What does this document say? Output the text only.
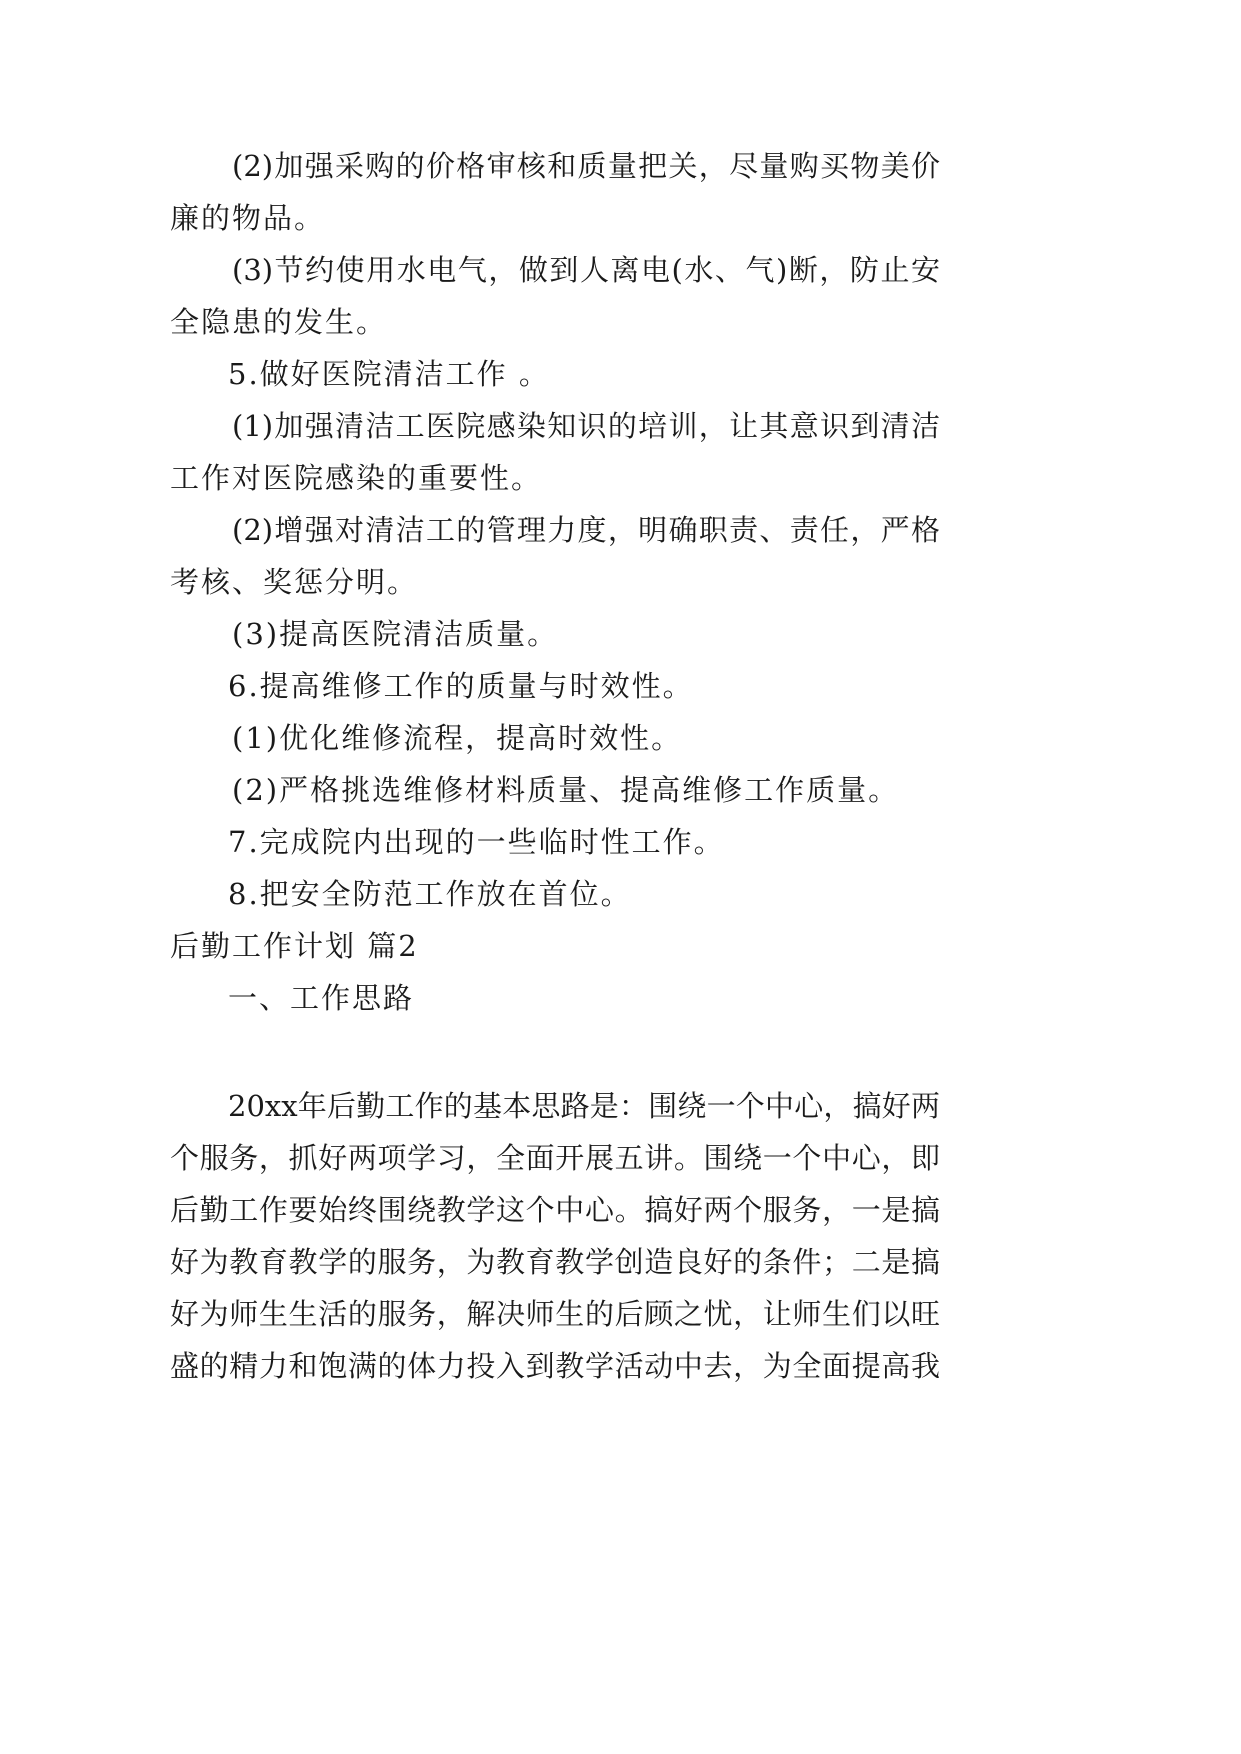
(2)加强采购的价格审核和质量把关，尽量购买物美价
廉的物品。
(3)节约使用水电气，做到人离电(水、气)断，防止安
全隐患的发生。
5.做好医院清洁工作 。
(1)加强清洁工医院感染知识的培训，让其意识到清洁
工作对医院感染的重要性。
(2)增强对清洁工的管理力度，明确职责、责任，严格
考核、奖惩分明。
(3)提高医院清洁质量。
6.提高维修工作的质量与时效性。
(1)优化维修流程，提高时效性。
(2)严格挑选维修材料质量、提高维修工作质量。
7.完成院内出现的一些临时性工作。
8.把安全防范工作放在首位。
后勤工作计划 篇2
一、工作思路
20xx年后勤工作的基本思路是：围绕一个中心，搞好两
个服务，抓好两项学习，全面开展五讲。围绕一个中心，即
后勤工作要始终围绕教学这个中心。搞好两个服务，一是搞
好为教育教学的服务，为教育教学创造良好的条件；二是搞
好为师生生活的服务，解决师生的后顾之忧，让师生们以旺
盛的精力和饱满的体力投入到教学活动中去，为全面提高我
